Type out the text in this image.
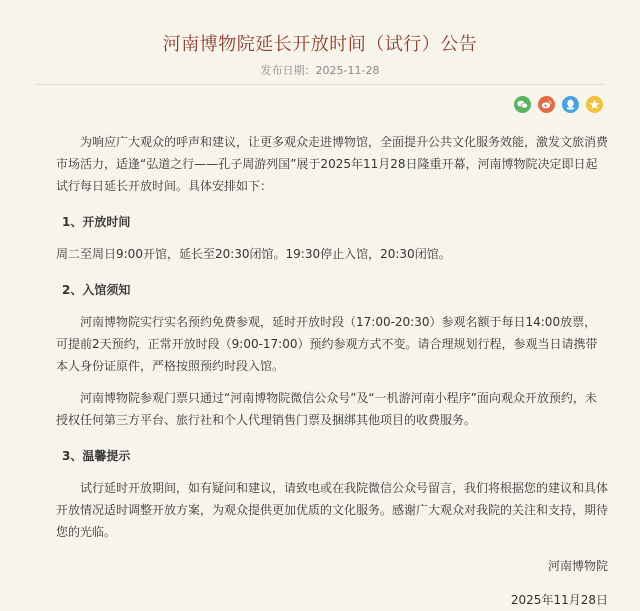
河南博物院延长开放时间（试行）公告
发布日期：2025-11-28

为响应广大观众的呼声和建议，让更多观众走进博物馆，全面提升公共文化服务效能，激发文旅消费市场活力，适逢“弘道之行——孔子周游列国”展于2025年11月28日隆重开幕，河南博物院决定即日起试行每日延长开放时间。具体安排如下：

1、开放时间

周二至周日9:00开馆，延长至20:30闭馆。19:30停止入馆，20:30闭馆。

2、入馆须知

河南博物院实行实名预约免费参观，延时开放时段（17:00-20:30）参观名额于每日14:00放票，可提前2天预约，正常开放时段（9:00-17:00）预约参观方式不变。请合理规划行程，参观当日请携带本人身份证原件，严格按照预约时段入馆。

河南博物院参观门票只通过“河南博物院微信公众号”及“一机游河南小程序”面向观众开放预约，未授权任何第三方平台、旅行社和个人代理销售门票及捆绑其他项目的收费服务。

3、温馨提示

试行延时开放期间，如有疑问和建议，请致电或在我院微信公众号留言，我们将根据您的建议和具体开放情况适时调整开放方案，为观众提供更加优质的文化服务。感谢广大观众对我院的关注和支持，期待您的光临。

河南博物院

2025年11月28日
